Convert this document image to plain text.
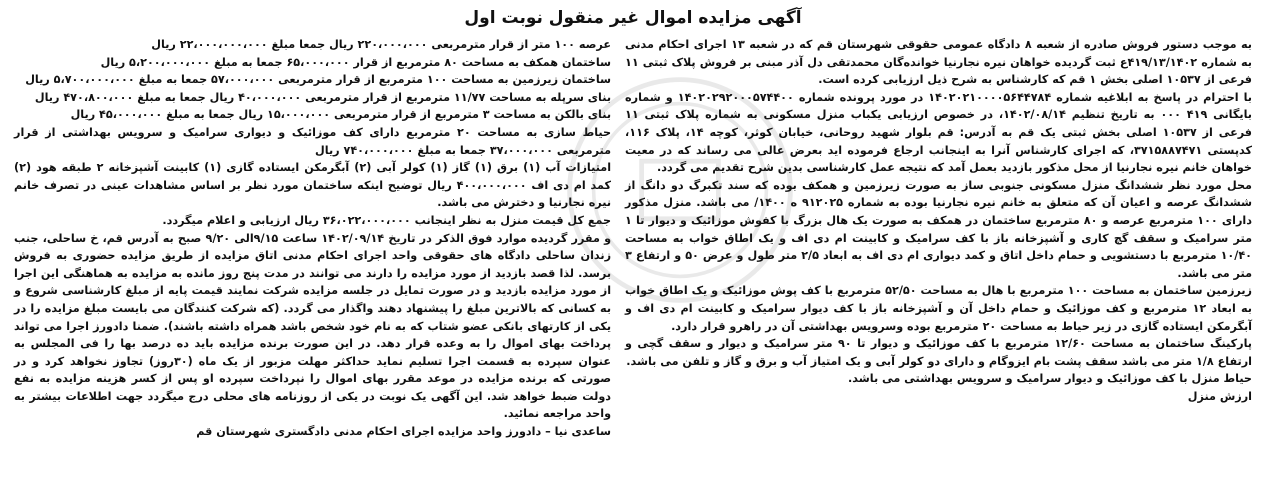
آگهی مزایده اموال غیر منقول نوبت اول

به موجب دستور فروش صادره از شعبه ۸ دادگاه عمومی حقوقی شهرستان قم که در شعبه ۱۳ اجرای احکام مدنی به شماره ۴۱۹/۱۳/۱۴۰۲ع ثبت گردیده خواهان نیره نجارنیا خوانده‌گان محمدتقی دل آذر مبنی بر فروش پلاک ثبتی ۱۱ فرعی از ۱۰۵۳۷ اصلی بخش ۱ قم که کارشناس به شرح ذیل ارزیابی کرده است.

با احترام در پاسخ به ابلاغیه شماره ۱۴۰۲۰۲۱۰۰۰۰۵۶۴۴۷۸۴ در مورد پرونده شماره ۱۴۰۲۰۲۹۲۰۰۰۵۷۴۴۰۰ و شماره بایگانی ۴۱۹ ۰۰۰ به تاریخ تنظیم ۱۴۰۲/۰۸/۱۴، در خصوص ارزیابی یکباب منزل مسکونی به شماره پلاک ثبتی ۱۱ فرعی از ۱۰۵۳۷ اصلی بخش ثبتی یک قم به آدرس: قم بلوار شهید روحانی، خیابان کوثر، کوچه ۱۴، پلاک ۱۱۶، کدپستی ۳۷۱۵۸۸۷۴۷۱، که اجرای کارشناس آنرا به اینجانب ارجاع فرموده اید بعرض عالی می رساند که در معیت خواهان خانم نیره نجارنیا از محل مذکور بازدید بعمل آمد که نتیجه عمل کارشناسی بدین شرح تقدیم می گردد.

محل مورد نظر ششدانگ منزل مسکونی جنوبی ساز به صورت زیرزمین و همکف بوده که سند تکبرگ دو دانگ از ششدانگ عرصه و اعیان آن که متعلق به خانم نیره نجارنیا بوده به شماره ۹۱۲۰۲۵ ه ۱۴۰۰/ می باشد. منزل مذکور دارای ۱۰۰ مترمربع عرصه و ۸۰ مترمربع ساختمان در همکف به صورت یک هال بزرگ با کفوش موزائیک و دیوار تا ۱ متر سرامیک و سقف گچ کاری و آشپزخانه باز با کف سرامیک و کابینت ام دی اف و یک اطاق خواب به مساحت ۱۰/۴۰ مترمربع با دستشویی و حمام داخل اتاق و کمد دیواری ام دی اف به ابعاد ۲/۵ متر طول و عرض ۵۰ و ارتفاع ۳ متر می باشد.

زیرزمین ساختمان به مساحت ۱۰۰ مترمربع با هال به مساحت ۵۲/۵۰ مترمربع با کف پوش موزائیک و یک اطاق خواب به ابعاد ۱۲ مترمربع و کف موزائیک و حمام داخل آن و آشپزخانه باز با کف دیوار سرامیک و کابینت ام دی اف و آبگرمکن ایستاده گازی در زیر حیاط به مساحت ۲۰ مترمربع بوده وسرویس بهداشتی آن در راهرو قرار دارد.

پارکینگ ساختمان به مساحت ۱۲/۶۰ مترمربع با کف موزائیک و دیوار تا ۹۰ متر سرامیک و دیوار و سقف گچی و ارتفاع ۱/۸ متر می باشد سقف پشت بام ایزوگام و دارای دو کولر آبی و یک امتیاز آب و برق و گاز و تلفن می باشد.

حیاط منزل با کف موزائیک و دیوار سرامیک و سرویس بهداشتی می باشد.

ارزش منزل

عرصه ۱۰۰ متر از قرار مترمربعی ۲۲۰،۰۰۰،۰۰۰ ریال جمعا مبلغ ۲۲،۰۰۰،۰۰۰،۰۰۰ ریال

ساختمان همکف به مساحت ۸۰ مترمربع از قرار ۶۵،۰۰۰،۰۰۰ جمعا به مبلغ ۵،۲۰۰،۰۰۰،۰۰۰ ریال

ساختمان زیرزمین به مساحت ۱۰۰ مترمربع از قرار مترمربعی ۵۷،۰۰۰،۰۰۰ جمعا به مبلغ ۵،۷۰۰،۰۰۰،۰۰۰ ریال

بنای سرپله به مساحت ۱۱/۷۷ مترمربع از قرار مترمربعی ۴۰،۰۰۰،۰۰۰ ریال جمعا به مبلغ ۴۷۰،۸۰۰،۰۰۰ ریال

بنای بالکن به مساحت ۳ مترمربع از قرار مترمربعی ۱۵،۰۰۰،۰۰۰ ریال جمعا به مبلغ ۴۵،۰۰۰،۰۰۰ ریال

حیاط سازی به مساحت ۲۰ مترمربع دارای کف موزائیک و دیواری سرامیک و سرویس بهداشتی از قرار مترمربعی ۳۷،۰۰۰،۰۰۰ جمعا به مبلغ ۷۴۰،۰۰۰،۰۰۰ ریال

امتیازات آب (۱) برق (۱) گاز (۱) کولر آبی (۲) آبگرمکن ایستاده گازی (۱) کابینت آشپزخانه ۲ طبقه هود (۲) کمد ام دی اف ۴۰۰،۰۰۰،۰۰۰ ریال توضیح اینکه ساختمان مورد نظر بر اساس مشاهدات عینی در تصرف خانم نیره نجارنیا و دخترش می باشد.

جمع کل قیمت منزل به نظر اینجانب ۳۶،۰۲۲،۰۰۰،۰۰۰ ریال ارزیابی و اعلام میگردد.

و مقرر گردیده موارد فوق الذکر در تاریخ ۱۴۰۲/۰۹/۱۴ ساعت ۹/۱۵الی ۹/۲۰ صبح به آدرس قم، خ ساحلی، جنب زندان ساحلی دادگاه های حقوقی واحد اجرای احکام مدنی اتاق مزایده از طریق مزایده حضوری به فروش برسد. لذا قصد بازدید از مورد مزایده را دارند می توانند در مدت پنج روز مانده به مزایده به هماهنگی این اجرا از مورد مزایده بازدید و در صورت تمایل در جلسه مزایده شرکت نمایند قیمت پایه از مبلغ کارشناسی شروع و به کسانی که بالاترین مبلغ را پیشنهاد دهند واگذار می گردد. (که شرکت کنندگان می بایست مبلغ مزایده را در یکی از کارتهای بانکی عضو شتاب که به نام خود شخص باشد همراه داشته باشند). ضمنا دادورز اجرا می تواند پرداخت بهای اموال را به وعده قرار دهد. در این صورت برنده مزایده باید ده درصد بها را فی المجلس به عنوان سپرده به قسمت اجرا تسلیم نماید حداکثر مهلت مزبور از یک ماه (۳۰روز) تجاوز نخواهد کرد و در صورتی که برنده مزایده در موعد مقرر بهای اموال را نپرداخت سپرده او پس از کسر هزینه مزایده به نفع دولت ضبط خواهد شد. این آگهی یک نوبت در یکی از روزنامه های محلی درج میگردد جهت اطلاعات بیشتر به واحد مراجعه نمائید.

ساعدی نیا – دادورز واحد مزایده اجرای احکام مدنی دادگستری شهرستان قم
